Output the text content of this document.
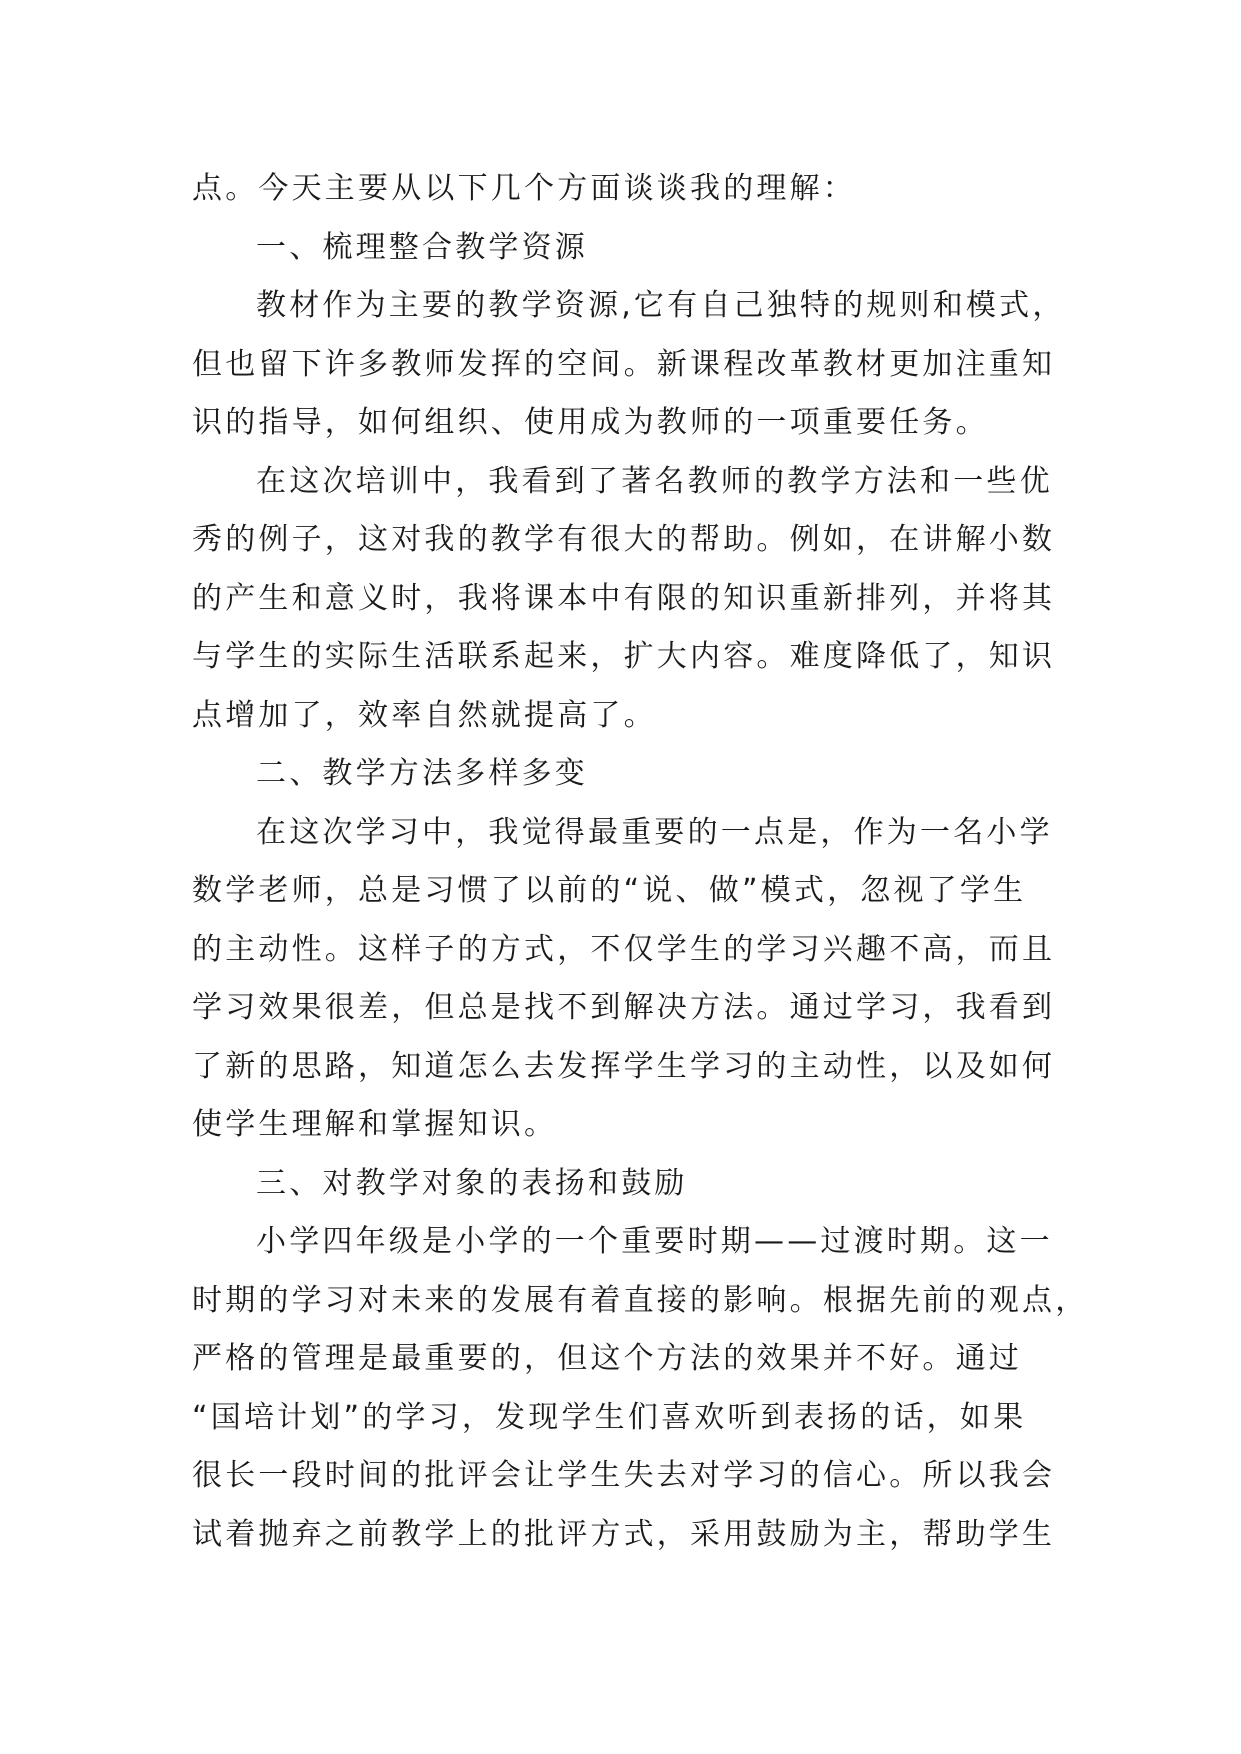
点。今天主要从以下几个方面谈谈我的理解：
一、梳理整合教学资源
教材作为主要的教学资源,它有自己独特的规则和模式，
但也留下许多教师发挥的空间。新课程改革教材更加注重知
识的指导，如何组织、使用成为教师的一项重要任务。
在这次培训中，我看到了著名教师的教学方法和一些优
秀的例子，这对我的教学有很大的帮助。例如，在讲解小数
的产生和意义时，我将课本中有限的知识重新排列，并将其
与学生的实际生活联系起来，扩大内容。难度降低了，知识
点增加了，效率自然就提高了。
二、教学方法多样多变
在这次学习中，我觉得最重要的一点是，作为一名小学
数学老师，总是习惯了以前的“说、做”模式，忽视了学生
的主动性。这样子的方式，不仅学生的学习兴趣不高，而且
学习效果很差，但总是找不到解决方法。通过学习，我看到
了新的思路，知道怎么去发挥学生学习的主动性，以及如何
使学生理解和掌握知识。
三、对教学对象的表扬和鼓励
小学四年级是小学的一个重要时期——过渡时期。这一
时期的学习对未来的发展有着直接的影响。根据先前的观点，
严格的管理是最重要的，但这个方法的效果并不好。通过
“国培计划”的学习，发现学生们喜欢听到表扬的话，如果
很长一段时间的批评会让学生失去对学习的信心。所以我会
试着抛弃之前教学上的批评方式，采用鼓励为主，帮助学生
